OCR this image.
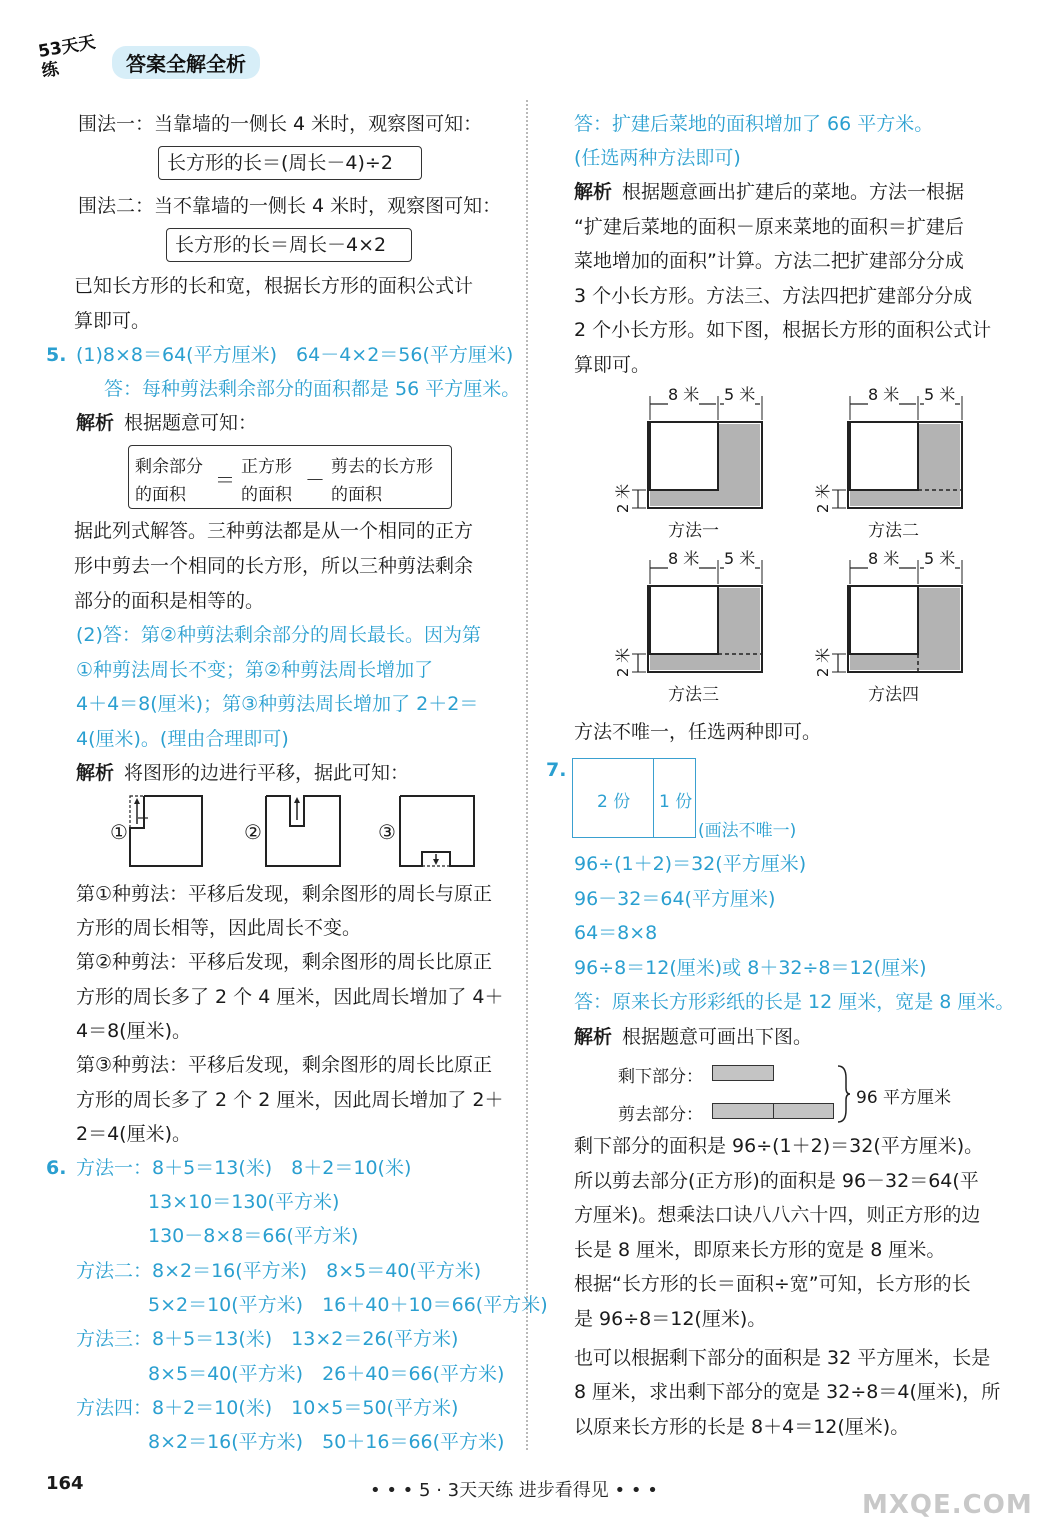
53天天练	答案全解全析
围法一：当靠墙的一侧长 4 米时，观察图可知：
长方形的长＝(周长－4)÷2
围法二：当不靠墙的一侧长 4 米时，观察图可知：
长方形的长＝周长－4×2
已知长方形的长和宽，根据长方形的面积公式计
算即可。
5. (1)8×8＝64(平方厘米)　64－4×2＝56(平方厘米)
答：每种剪法剩余部分的面积都是 56 平方厘米。
解析 根据题意可知：
剩余部分
的面积
＝
正方形
的面积
－
剪去的长方形
的面积
据此列式解答。三种剪法都是从一个相同的正方
形中剪去一个相同的长方形，所以三种剪法剩余
部分的面积是相等的。
(2)答：第②种剪法剩余部分的周长最长。因为第
①种剪法周长不变；第②种剪法周长增加了
4＋4＝8(厘米)；第③种剪法周长增加了 2＋2＝
4(厘米)。(理由合理即可)
解析 将图形的边进行平移，据此可知：
①	②	③
第①种剪法：平移后发现，剩余图形的周长与原正
方形的周长相等，因此周长不变。
第②种剪法：平移后发现，剩余图形的周长比原正
方形的周长多了 2 个 4 厘米，因此周长增加了 4＋
4＝8(厘米)。
第③种剪法：平移后发现，剩余图形的周长比原正
方形的周长多了 2 个 2 厘米，因此周长增加了 2＋
2＝4(厘米)。
6. 方法一：8＋5＝13(米)　8＋2＝10(米)
13×10＝130(平方米)
130－8×8＝66(平方米)
方法二：8×2＝16(平方米)　8×5＝40(平方米)
5×2＝10(平方米)　16＋40＋10＝66(平方米)
方法三：8＋5＝13(米)　13×2＝26(平方米)
8×5＝40(平方米)　26＋40＝66(平方米)
方法四：8＋2＝10(米)　10×5＝50(平方米)
8×2＝16(平方米)　50＋16＝66(平方米)
答：扩建后菜地的面积增加了 66 平方米。
(任选两种方法即可)
解析 根据题意画出扩建后的菜地。方法一根据
“扩建后菜地的面积－原来菜地的面积＝扩建后
菜地增加的面积”计算。方法二把扩建部分分成
3 个小长方形。方法三、方法四把扩建部分分成
2 个小长方形。如下图，根据长方形的面积公式计
算即可。
8 米 5 米
2 米
方法一
8 米 5 米
2 米
方法二
8 米 5 米
2 米
方法三
8 米 5 米
2 米
方法四
方法不唯一，任选两种即可。
7.
2 份 1 份
(画法不唯一)
96÷(1＋2)＝32(平方厘米)
96－32＝64(平方厘米)
64＝8×8
96÷8＝12(厘米)或 8＋32÷8＝12(厘米)
答：原来长方形彩纸的长是 12 厘米，宽是 8 厘米。
解析 根据题意可画出下图。
剩下部分：
剪去部分：
96 平方厘米
剩下部分的面积是 96÷(1＋2)＝32(平方厘米)。
所以剪去部分(正方形)的面积是 96－32＝64(平
方厘米)。想乘法口诀八八六十四，则正方形的边
长是 8 厘米，即原来长方形的宽是 8 厘米。
根据“长方形的长＝面积÷宽”可知，长方形的长
是 96÷8＝12(厘米)。
也可以根据剩下部分的面积是 32 平方厘米，长是
8 厘米，求出剩下部分的宽是 32÷8＝4(厘米)，所
以原来长方形的长是 8＋4＝12(厘米)。
164	• • • 5 · 3天天练 进步看得见 • • •	MXQE.COM
